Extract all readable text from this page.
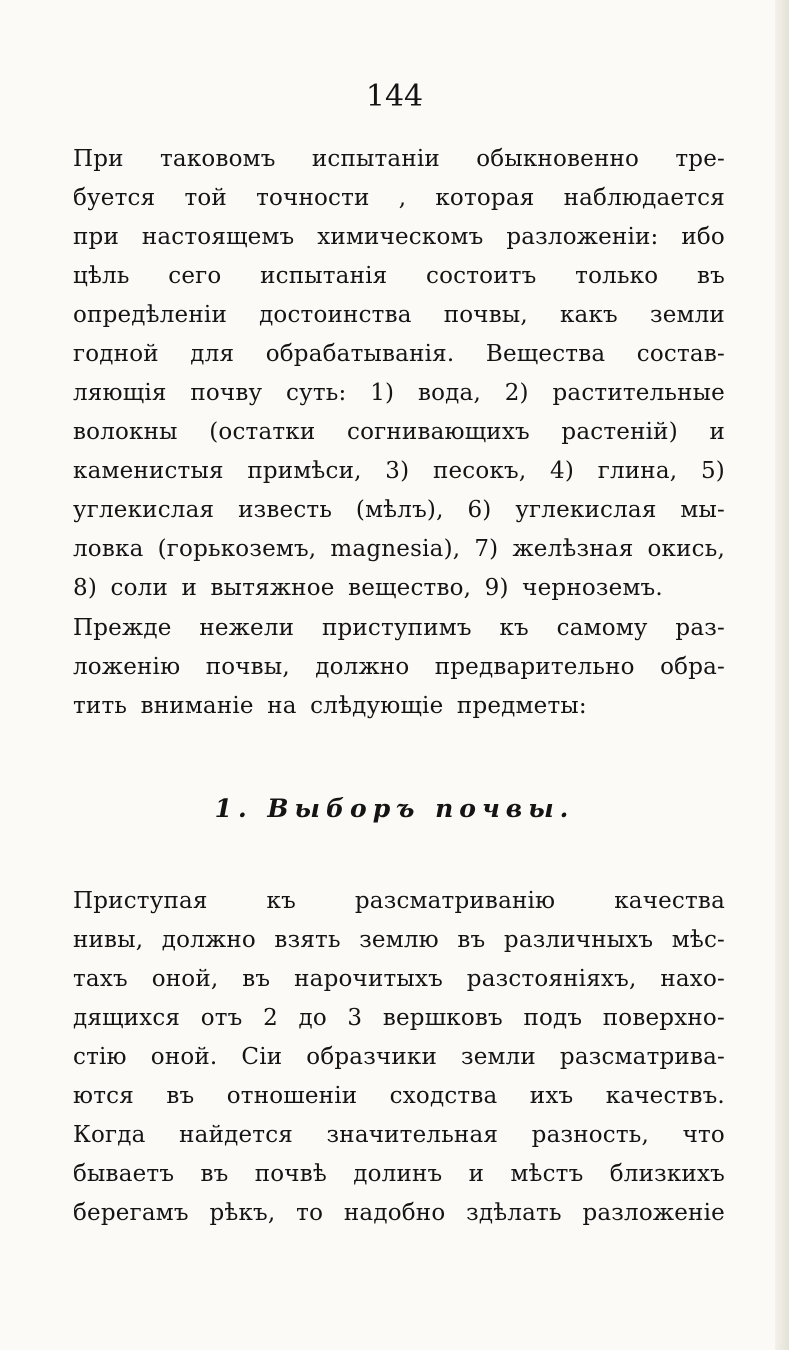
144
При таковомъ испытаніи обыкновенно тре-
буется той точности , которая наблюдается
при настоящемъ химическомъ разложеніи: ибо
цѣль сего испытанія состоитъ только въ
опредѣленіи достоинства почвы, какъ земли
годной для обрабатыванія. Вещества состав-
ляющія почву суть: 1) вода, 2) растительные
волокны (остатки согнивающихъ растеній) и
каменистыя примѣси, 3) песокъ, 4) глина, 5)
углекислая известь (мѣлъ), 6) углекислая мы-
ловка (горькоземъ, magnesia), 7) желѣзная окись,
8) соли и вытяжное вещество, 9) черноземъ.
Прежде нежели приступимъ къ самому раз-
ложенію почвы, должно предварительно обра-
тить вниманіе на слѣдующіе предметы:
1. Выборъ почвы.
Приступая	къ	разсматриванію	качества
нивы, должно взять землю въ различныхъ мѣс-
тахъ оной, въ нарочитыхъ разстояніяхъ, нахо-
дящихся отъ 2 до 3 вершковъ подъ поверхно-
стію оной. Сіи образчики земли разсматрива-
ются въ отношеніи сходства ихъ качествъ.
Когда найдется значительная разность, что
бываетъ въ почвѣ долинъ и мѣстъ близкихъ
берегамъ рѣкъ, то надобно здѣлать разложеніе
